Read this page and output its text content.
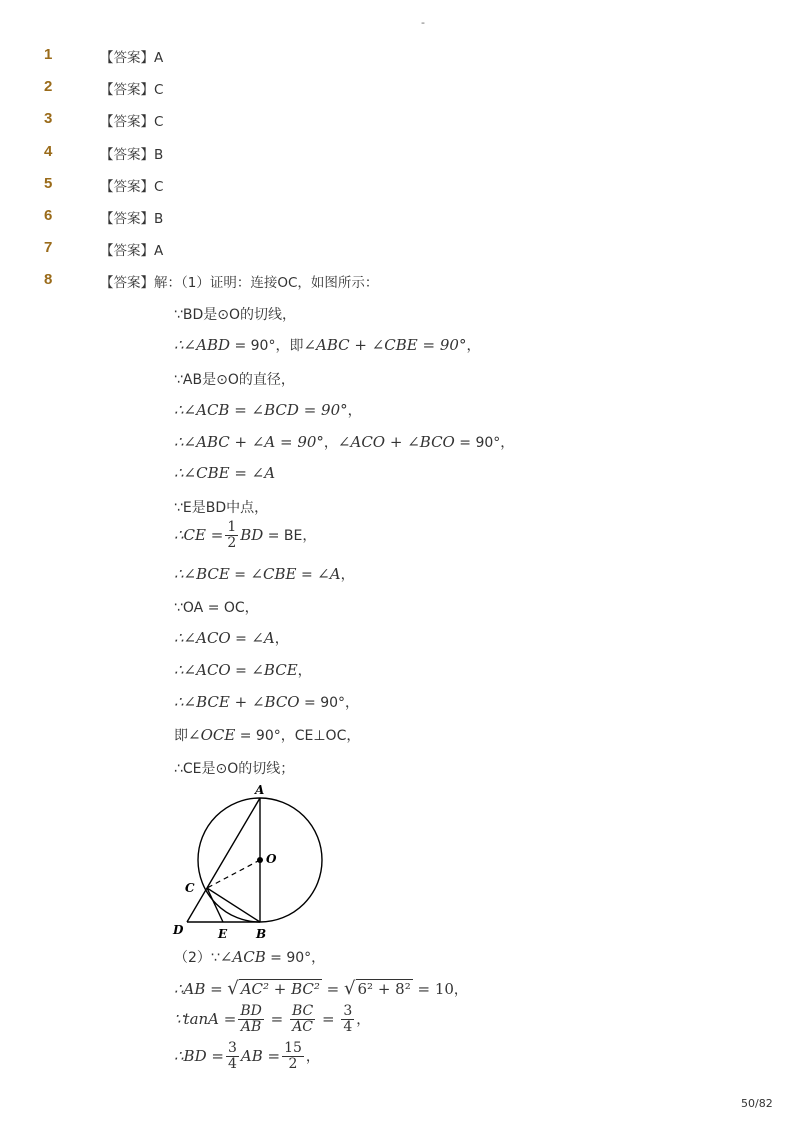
-
1	【答案】A
2	【答案】C
3	【答案】C
4	【答案】B
5	【答案】C
6	【答案】B
7	【答案】A
8	【答案】解：（1）证明：连接OC，如图所示：
∵BD是⊙O的切线，
∴∠ABD = 90°，即∠ABC + ∠CBE = 90°，
∵AB是⊙O的直径，
∴∠ACB = ∠BCD = 90°，
∴∠ABC + ∠A = 90°，∠ACO + ∠BCO = 90°，
∴∠CBE = ∠A
∵E是BD中点，
∴CE = $\frac{1}{2}$ BD = BE，
∴∠BCE = ∠CBE = ∠A，
∵OA = OC，
∴∠ACO = ∠A，
∴∠ACO = ∠BCE，
∴∠BCE + ∠BCO = 90°，
即∠OCE = 90°，CE⊥OC，
∴CE是⊙O的切线；
A
O
C
D	E B
（2）∵∠ACB = 90°，
∴AB = √ AC² + BC² = √ 6² + 8² = 10，
∵tanA = $\frac{BD}{AB} = \frac{BC}{AC} = \frac{3}{4}$ ，
∴BD = $\frac{3}{4}$ AB = $\frac{15}{2}$ ，
50/82
